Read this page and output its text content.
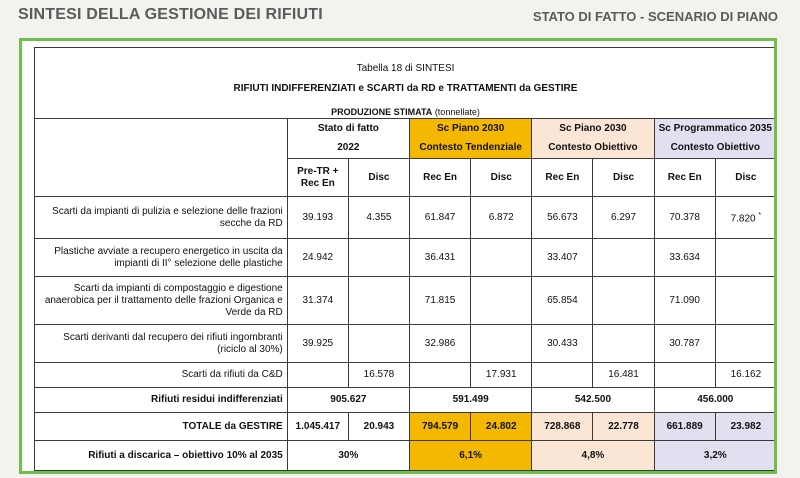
SINTESI DELLA GESTIONE DEI RIFIUTI	STATO DI FATTO - SCENARIO DI PIANO
Tabella 18 di SINTESI
RIFIUTI INDIFFERENZIATI e SCARTI da RD e TRATTAMENTI da GESTIRE								

PRODUZIONE STIMATA (tonnellate)								
	Stato di fatto		Sc Piano 2030		Sc Piano 2030		Sc Programmatico 2035	
	2022		Contesto Tendenziale		Contesto Obiettivo		Contesto Obiettivo	
	Pre-TR + Rec En	Disc	Rec En	Disc	Rec En	Disc	Rec En	Disc
Scarti da impianti di pulizia e selezione delle frazioni secche da RD	39.193	4.355	61.847	6.872	56.673	6.297	70.378	7.820 *
Plastiche avviate a recupero energetico in uscita da impianti di II° selezione delle plastiche	24.942		36.431		33.407		33.634	
Scarti da impianti di compostaggio e digestione anaerobica per il trattamento delle frazioni Organica e Verde da RD	31.374		71.815		65.854		71.090	
Scarti derivanti dal recupero dei rifiuti ingombranti (riciclo al 30%)	39.925		32.986		30.433		30.787	
Scarti da rifiuti da C&D		16.578		17.931		16.481		16.162
Rifiuti residui indifferenziati	905.627		591.499		542.500		456.000	
TOTALE da GESTIRE	1.045.417	20.943	794.579	24.802	728.868	22.778	661.889	23.982
Rifiuti a discarica – obiettivo 10% al 2035	30%		6,1%		4,8%		3,2%	
